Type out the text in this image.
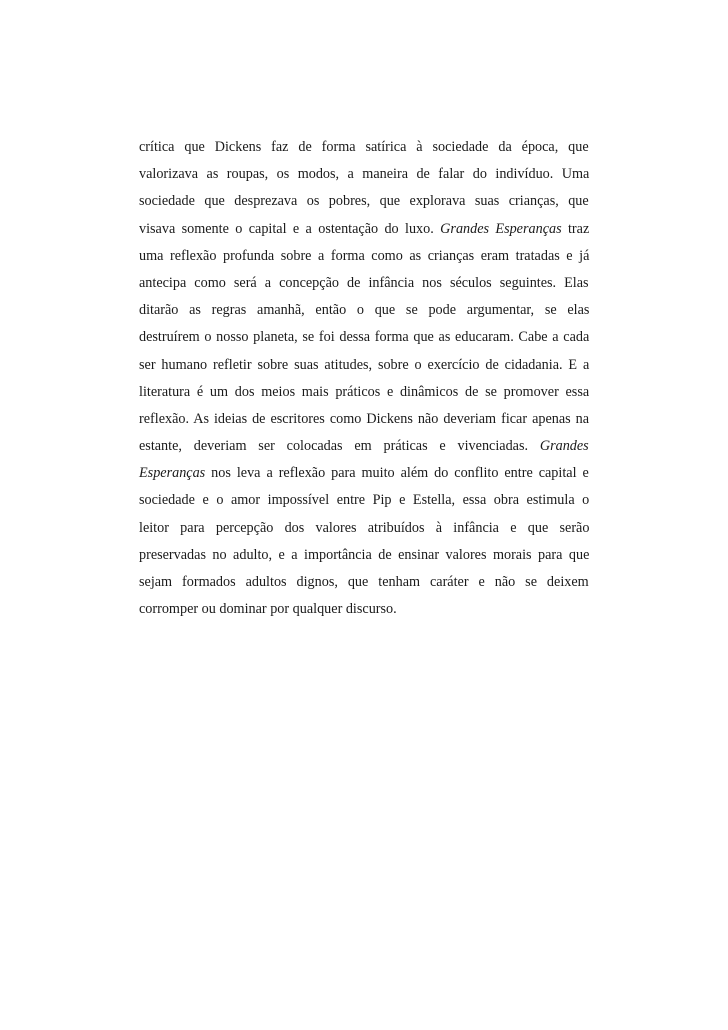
crítica que Dickens faz de forma satírica à sociedade da época, que
valorizava as roupas, os modos, a maneira de falar do indivíduo. Uma
sociedade que desprezava os pobres, que explorava suas crianças, que
visava somente o capital e a ostentação do luxo. Grandes Esperanças traz
uma reflexão profunda sobre a forma como as crianças eram tratadas e já
antecipa como será a concepção de infância nos séculos seguintes. Elas
ditarão as regras amanhã, então o que se pode argumentar, se elas
destruírem o nosso planeta, se foi dessa forma que as educaram. Cabe a cada
ser humano refletir sobre suas atitudes, sobre o exercício de cidadania. E a
literatura é um dos meios mais práticos e dinâmicos de se promover essa
reflexão. As ideias de escritores como Dickens não deveriam ficar apenas na
estante, deveriam ser colocadas em práticas e vivenciadas. Grandes
Esperanças nos leva a reflexão para muito além do conflito entre capital e
sociedade e o amor impossível entre Pip e Estella, essa obra estimula o
leitor para percepção dos valores atribuídos à infância e que serão
preservadas no adulto, e a importância de ensinar valores morais para que
sejam formados adultos dignos, que tenham caráter e não se deixem
corromper ou dominar por qualquer discurso.
